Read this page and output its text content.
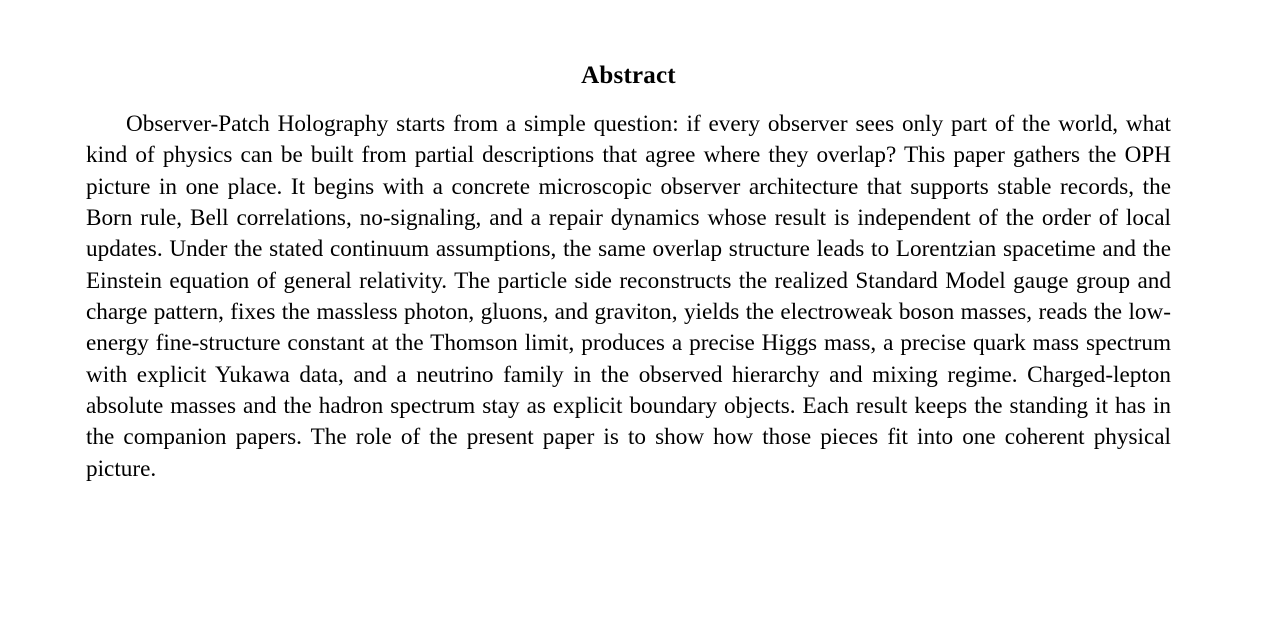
Abstract

Observer-Patch Holography starts from a simple question: if every observer sees only part of the world, what kind of physics can be built from partial descriptions that agree where they overlap? This paper gathers the OPH picture in one place. It begins with a concrete microscopic observer architecture that supports stable records, the Born rule, Bell correlations, no-signaling, and a repair dynamics whose result is independent of the order of local updates. Under the stated continuum assumptions, the same overlap structure leads to Lorentzian spacetime and the Einstein equation of general relativity. The particle side reconstructs the realized Standard Model gauge group and charge pattern, fixes the massless photon, gluons, and graviton, yields the electroweak boson masses, reads the low-energy fine-structure constant at the Thomson limit, produces a precise Higgs mass, a precise quark mass spectrum with explicit Yukawa data, and a neutrino family in the observed hierarchy and mixing regime. Charged-lepton absolute masses and the hadron spectrum stay as explicit boundary objects. Each result keeps the standing it has in the companion papers. The role of the present paper is to show how those pieces fit into one coherent physical picture.
